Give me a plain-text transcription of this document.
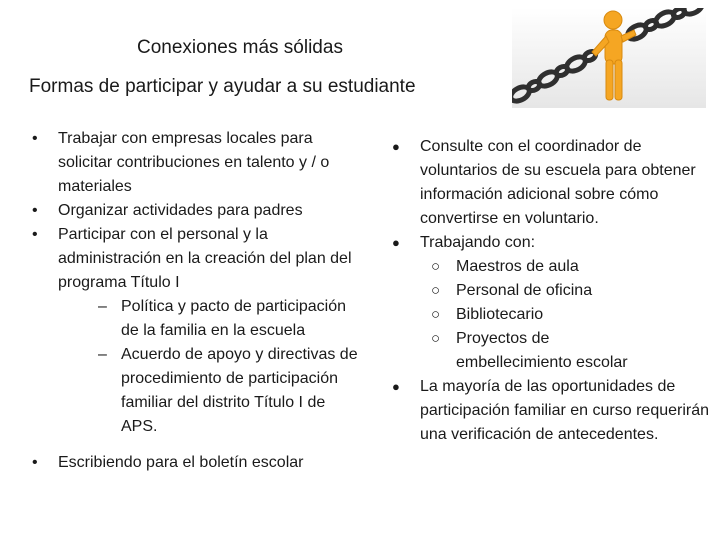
Conexiones más sólidas
Formas de participar y ayudar a su estudiante
• Trabajar con empresas locales para solicitar contribuciones en talento y / o materiales
• Organizar actividades para padres
• Participar con el personal y la administración en la creación del plan del programa Título I
– Política y pacto de participación de la familia en la escuela
– Acuerdo de apoyo y directivas de procedimiento de participación familiar del distrito Título I de APS.
• Escribiendo para el boletín escolar
● Consulte con el coordinador de voluntarios de su escuela para obtener información adicional sobre cómo convertirse en voluntario.
● Trabajando con:
○ Maestros de aula
○ Personal de oficina
○ Bibliotecario
○ Proyectos de embellecimiento escolar
● La mayoría de las oportunidades de participación familiar en curso requerirán una verificación de antecedentes.
